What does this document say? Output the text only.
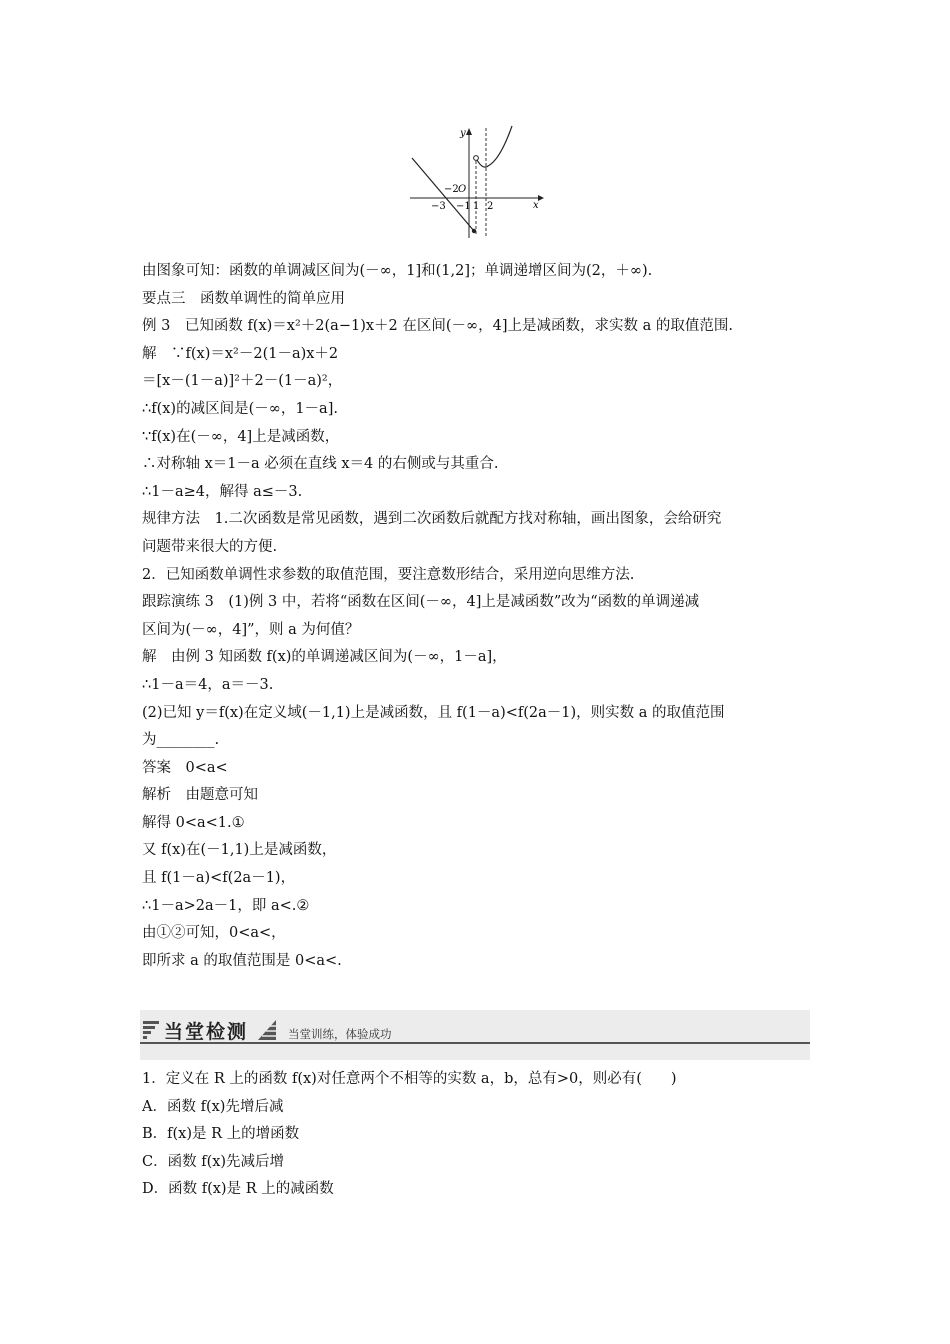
y
x
−2 O
−3 −1 1 2
由图象可知：函数的单调减区间为(－∞，1]和(1,2]；单调递增区间为(2，＋∞).
要点三　函数单调性的简单应用
例 3　已知函数 f(x)＝x²＋2(a−1)x＋2 在区间(－∞，4]上是减函数，求实数 a 的取值范围.
解　∵f(x)＝x²－2(1－a)x＋2
＝[x－(1－a)]²＋2－(1－a)²，
∴f(x)的减区间是(－∞，1－a].
∵f(x)在(－∞，4]上是减函数，
∴对称轴 x＝1－a 必须在直线 x＝4 的右侧或与其重合.
∴1－a≥4，解得 a≤－3.
规律方法　1.二次函数是常见函数，遇到二次函数后就配方找对称轴，画出图象，会给研究
问题带来很大的方便.
2．已知函数单调性求参数的取值范围，要注意数形结合，采用逆向思维方法.
跟踪演练 3　(1)例 3 中，若将“函数在区间(－∞，4]上是减函数”改为“函数的单调递减
区间为(－∞，4]”，则 a 为何值？
解　由例 3 知函数 f(x)的单调递减区间为(－∞，1－a]，
∴1－a＝4，a＝－3.
(2)已知 y＝f(x)在定义域(－1,1)上是减函数，且 f(1－a)<f(2a－1)，则实数 a 的取值范围
为________.
答案　0<a<
解析　由题意可知
解得 0<a<1.①
又 f(x)在(－1,1)上是减函数，
且 f(1－a)<f(2a－1)，
∴1－a>2a－1，即 a<.②
由①②可知，0<a<，
即所求 a 的取值范围是 0<a<.
当堂检测	当堂训练，体验成功
1．定义在 R 上的函数 f(x)对任意两个不相等的实数 a，b，总有>0，则必有(　　)
A．函数 f(x)先增后减
B．f(x)是 R 上的增函数
C．函数 f(x)先减后增
D．函数 f(x)是 R 上的减函数
